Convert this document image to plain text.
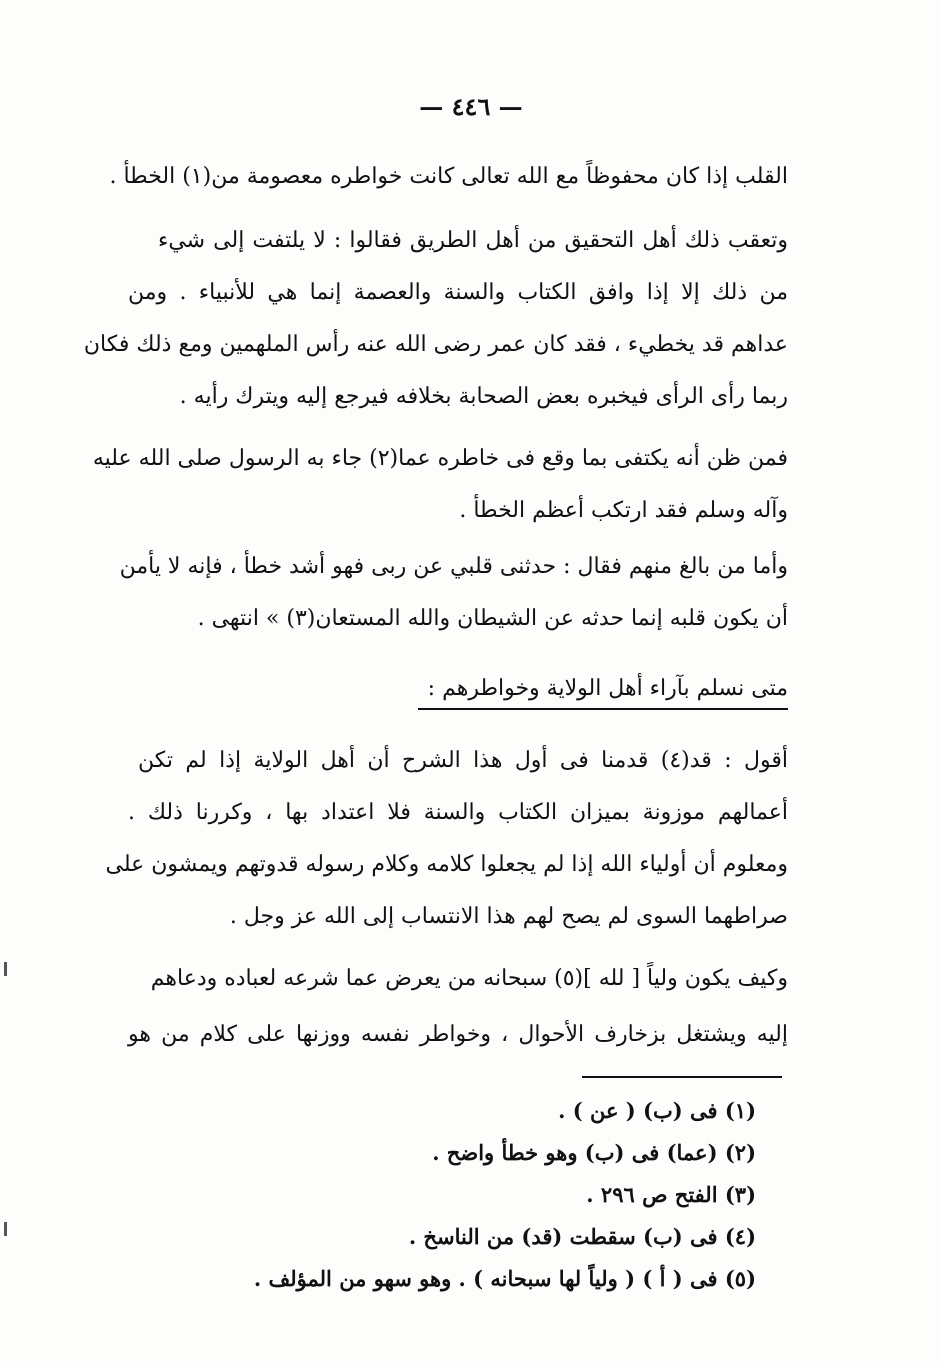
— ٤٤٦ —
القلب إذا كان محفوظاً مع الله تعالى كانت خواطره معصومة من(١) الخطأ .
وتعقب ذلك أهل التحقيق من أهل الطريق فقالوا : لا يلتفت إلى شيء
من ذلك إلا إذا وافق الكتاب والسنة والعصمة إنما هي للأنبياء . ومن
عداهم قد يخطيء ، فقد كان عمر رضى الله عنه رأس الملهمين ومع ذلك فكان
ربما رأى الرأى فيخبره بعض الصحابة بخلافه فيرجع إليه ويترك رأيه .
فمن ظن أنه يكتفى بما وقع فى خاطره عما(٢) جاء به الرسول صلى الله عليه
وآله وسلم فقد ارتكب أعظم الخطأ .
وأما من بالغ منهم فقال : حدثنى قلبي عن ربى فهو أشد خطأ ، فإنه لا يأمن
أن يكون قلبه إنما حدثه عن الشيطان والله المستعان(٣) » انتهى .
متى نسلم بآراء أهل الولاية وخواطرهم :
أقول : قد(٤) قدمنا فى أول هذا الشرح أن أهل الولاية إذا لم تكن
أعمالهم موزونة بميزان الكتاب والسنة فلا اعتداد بها ، وكررنا ذلك .
ومعلوم أن أولياء الله إذا لم يجعلوا كلامه وكلام رسوله قدوتهم ويمشون على
صراطهما السوى لم يصح لهم هذا الانتساب إلى الله عز وجل .
وكيف يكون ولياً [ لله ](٥) سبحانه من يعرض عما شرعه لعباده ودعاهم
إليه ويشتغل بزخارف الأحوال ، وخواطر نفسه ووزنها على كلام من هو
(١) فى (ب) ( عن ) .
(٢) (عما) فى (ب) وهو خطأ واضح .
(٣) الفتح ص ٢٩٦ .
(٤) فى (ب) سقطت (قد) من الناسخ .
(٥) فى ( أ ) ( ولياً لها سبحانه ) . وهو سهو من المؤلف .
